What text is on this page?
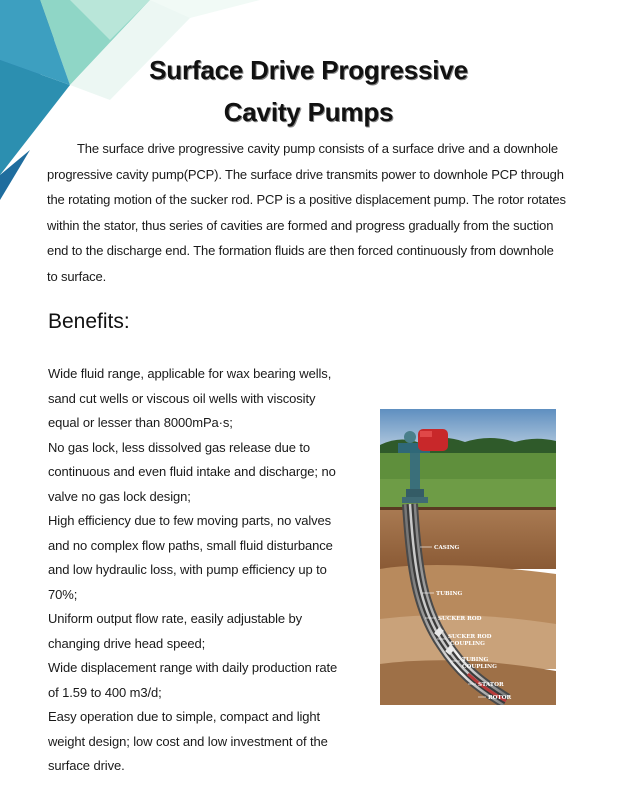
Surface Drive Progressive
Cavity Pumps

The surface drive progressive cavity pump consists of a surface drive and a downhole progressive cavity pump(PCP). The surface drive transmits power to downhole PCP through the rotating motion of the sucker rod. PCP is a positive displacement pump. The rotor rotates within the stator, thus series of cavities are formed and progress gradually from the suction end to the discharge end. The formation fluids are then forced continuously from downhole to surface.

Benefits:
Wide fluid range, applicable for wax bearing wells, sand cut wells or viscous oil wells with viscosity equal or lesser than 8000mPa·s;
No gas lock, less dissolved gas release due to continuous and even fluid intake and discharge; no valve no gas lock design;
High efficiency due to few moving parts, no valves and no complex flow paths, small fluid disturbance and low hydraulic loss, with pump efficiency up to 70%;
Uniform output flow rate, easily adjustable by changing drive head speed;
Wide displacement range with daily production rate of 1.59 to 400 m3/d;
Easy operation due to simple, compact and light weight design; low cost and low investment of the surface drive.
CASING
TUBING
SUCKER ROD
SUCKER ROD
COUPLING
TUBING
COUPLING
STATOR
ROTOR
